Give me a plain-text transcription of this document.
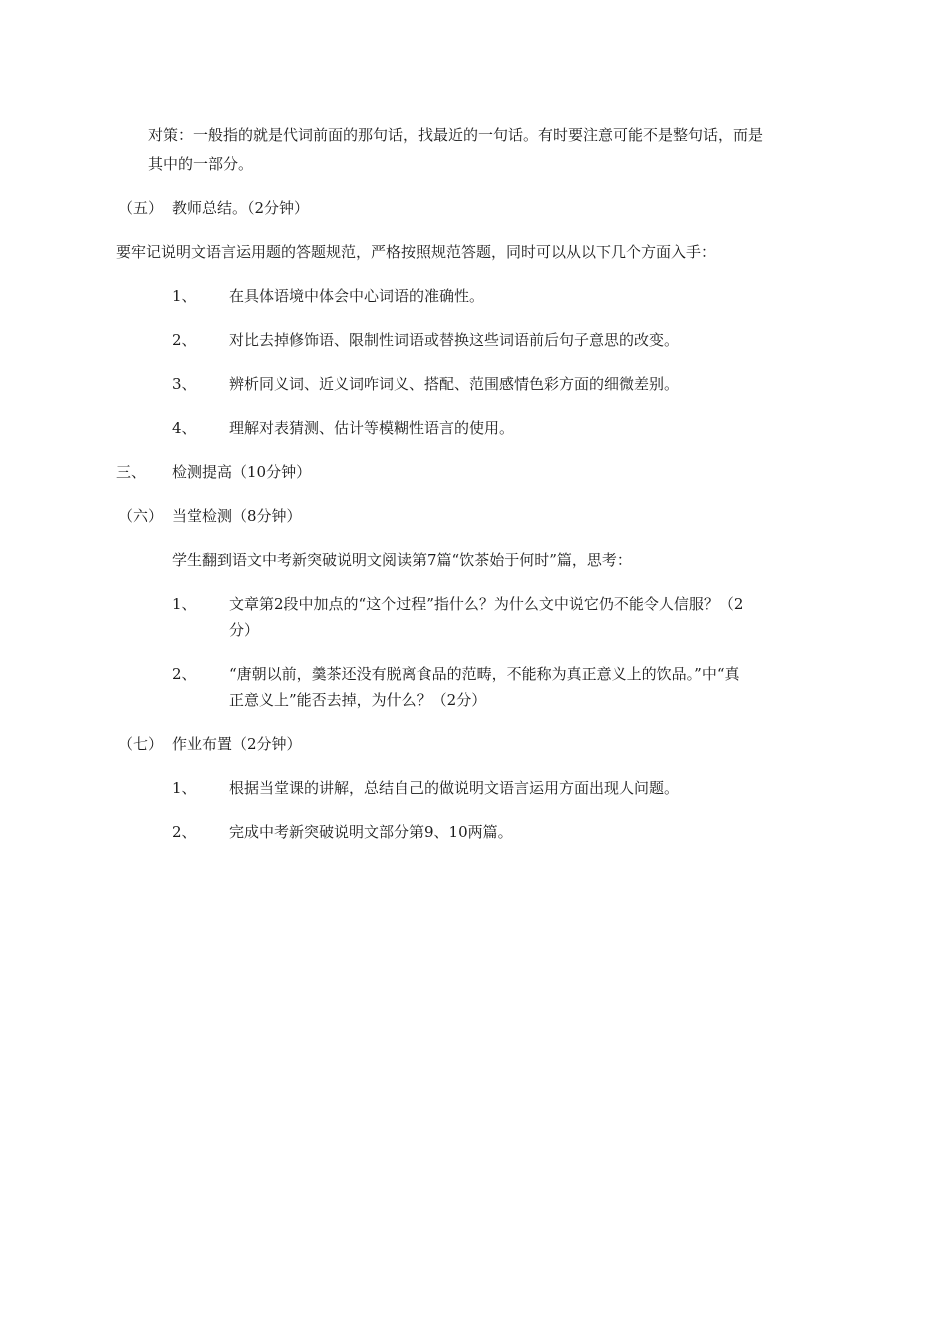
对策：一般指的就是代词前面的那句话，找最近的一句话。有时要注意可能不是整句话，而是
其中的一部分。
（五） 教师总结。（2分钟）
要牢记说明文语言运用题的答题规范，严格按照规范答题，同时可以从以下几个方面入手：
1、 在具体语境中体会中心词语的准确性。
2、 对比去掉修饰语、限制性词语或替换这些词语前后句子意思的改变。
3、 辨析同义词、近义词咋词义、搭配、范围感情色彩方面的细微差别。
4、 理解对表猜测、估计等模糊性语言的使用。
三、 检测提高（10分钟）
（六） 当堂检测（8分钟）
学生翻到语文中考新突破说明文阅读第7篇“饮茶始于何时”篇，思考：
1、 文章第2段中加点的“这个过程”指什么？为什么文中说它仍不能令人信服？（2
分）
2、 “唐朝以前，羹茶还没有脱离食品的范畴，不能称为真正意义上的饮品。”中“真
正意义上”能否去掉，为什么？（2分）
（七） 作业布置（2分钟）
1、 根据当堂课的讲解，总结自己的做说明文语言运用方面出现人问题。
2、 完成中考新突破说明文部分第9、10两篇。
